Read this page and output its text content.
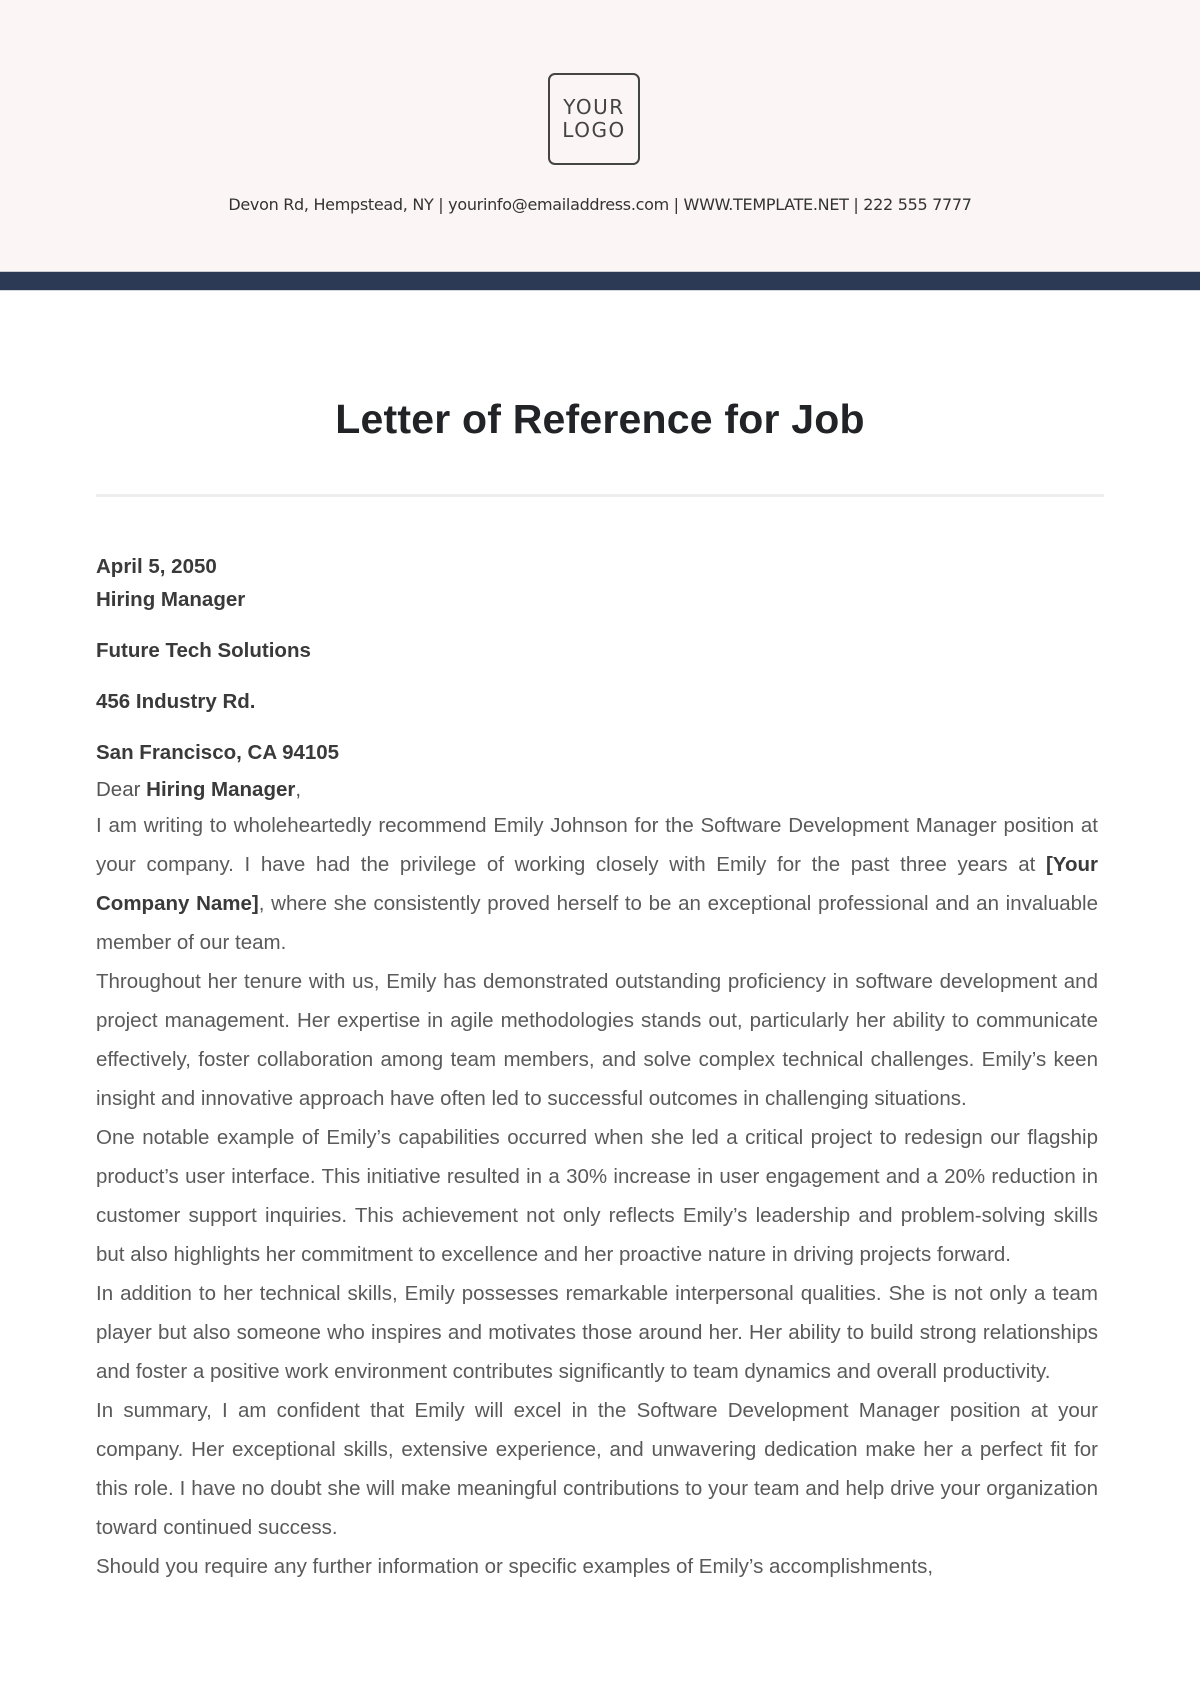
YOUR
LOGO
Devon Rd, Hempstead, NY | yourinfo@emailaddress.com | WWW.TEMPLATE.NET | 222 555 7777
Letter of Reference for Job
April 5, 2050
Hiring Manager
Future Tech Solutions
456 Industry Rd.
San Francisco, CA 94105
Dear Hiring Manager,

I am writing to wholeheartedly recommend Emily Johnson for the Software Development Manager position at your company. I have had the privilege of working closely with Emily for the past three years at [Your Company Name], where she consistently proved herself to be an exceptional professional and an invaluable member of our team.

Throughout her tenure with us, Emily has demonstrated outstanding proficiency in software development and project management. Her expertise in agile methodologies stands out, particularly her ability to communicate effectively, foster collaboration among team members, and solve complex technical challenges. Emily’s keen insight and innovative approach have often led to successful outcomes in challenging situations.

One notable example of Emily’s capabilities occurred when she led a critical project to redesign our flagship product’s user interface. This initiative resulted in a 30% increase in user engagement and a 20% reduction in customer support inquiries. This achievement not only reflects Emily’s leadership and problem-solving skills but also highlights her commitment to excellence and her proactive nature in driving projects forward.

In addition to her technical skills, Emily possesses remarkable interpersonal qualities. She is not only a team player but also someone who inspires and motivates those around her. Her ability to build strong relationships and foster a positive work environment contributes significantly to team dynamics and overall productivity.

In summary, I am confident that Emily will excel in the Software Development Manager position at your company. Her exceptional skills, extensive experience, and unwavering dedication make her a perfect fit for this role. I have no doubt she will make meaningful contributions to your team and help drive your organization toward continued success.

Should you require any further information or specific examples of Emily’s accomplishments,
